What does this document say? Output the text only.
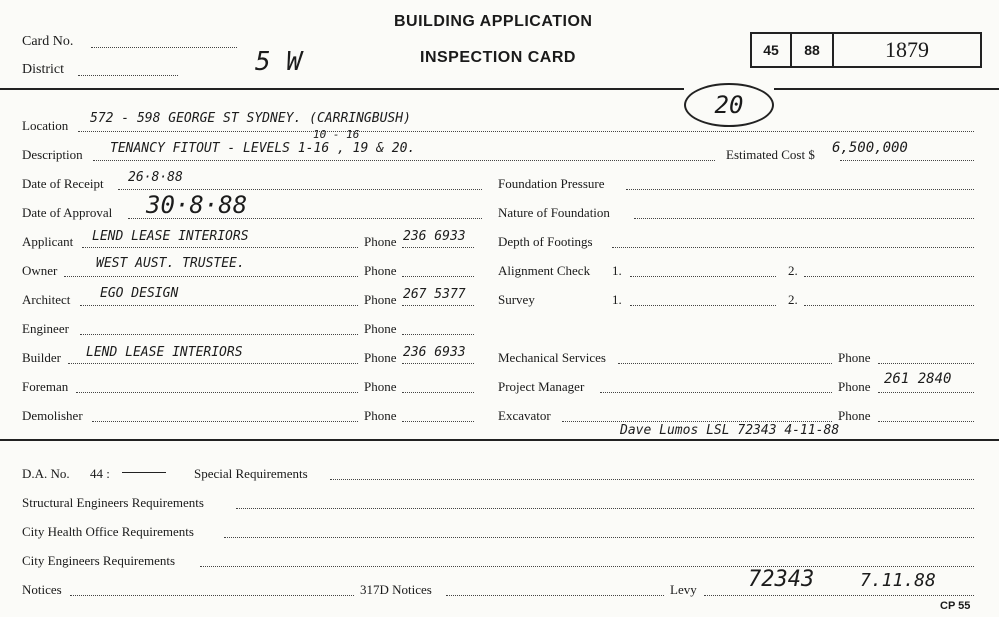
BUILDING APPLICATION
INSPECTION CARD
Card No.
District	5 W	45	88	1879
20
Location 572 - 598 GEORGE ST SYDNEY. (CARRINGBUSH)
Description TENANCY FITOUT - LEVELS 1-16 , 19 & 20.
10 - 16
Estimated Cost $ 6,500,000
Date of Receipt 26·8·88
Date of Approval 30·8·88
Applicant LEND LEASE INTERIORS	Phone 236 6933
Owner	WEST AUST. TRUSTEE.	Phone
Architect EGO DESIGN	Phone 267 5377
Engineer	Phone
Builder LEND LEASE INTERIORS	Phone 236 6933
Foreman	Phone
Demolisher	Phone
Foundation Pressure
Nature of Foundation
Depth of Footings
Alignment Check 1.	2.
Survey	1.	2.
Mechanical Services	Phone
Project Manager	Phone 261 2840
Excavator	Phone
Dave Lumos LSL 72343 4-11-88
D.A. No. 44 :	Special Requirements
Structural Engineers Requirements
City Health Office Requirements
City Engineers Requirements
Notices	317D Notices	Levy 72343	7.11.88
CP 55
